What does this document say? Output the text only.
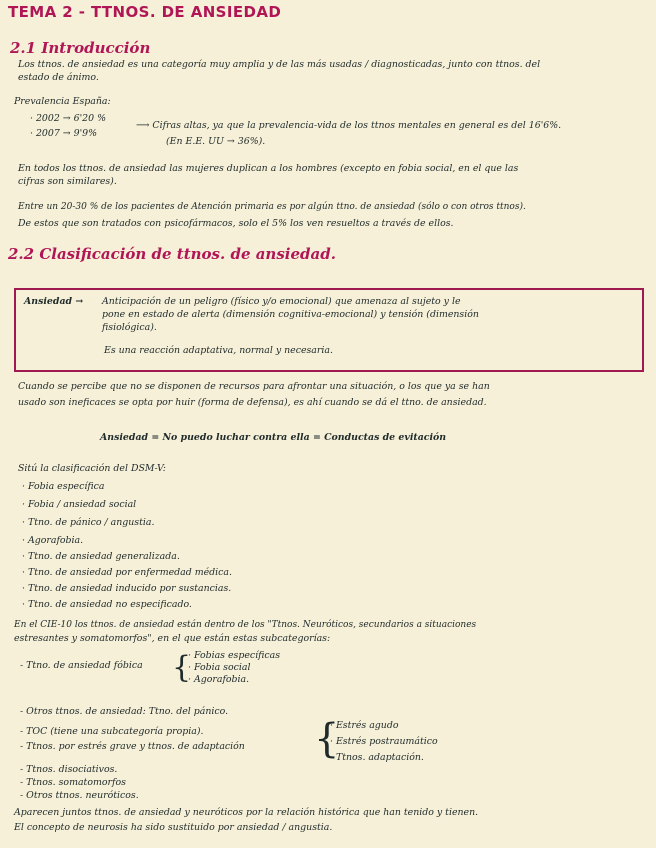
TEMA 2 - TTNOS. DE ANSIEDAD
2.1 Introducción
Los ttnos. de ansiedad es una categoría muy amplia y de las más usadas / diagnosticadas, junto con ttnos. del
estado de ánimo.
Prevalencia España:
· 2002 → 6'20 %
· 2007 → 9'9%
⟶ Cifras altas, ya que la prevalencia-vida de los ttnos mentales en general es del 16'6%.
(En E.E. UU → 36%).
En todos los ttnos. de ansiedad las mujeres duplican a los hombres (excepto en fobia social, en el que las
cifras son similares).
Entre un 20-30 % de los pacientes de Atención primaria es por algún ttno. de ansiedad (sólo o con otros ttnos).
De estos que son tratados con psicofármacos, solo el 5% los ven resueltos a través de ellos.
2.2 Clasificación de ttnos. de ansiedad.
Ansiedad → Anticipación de un peligro (físico y/o emocional) que amenaza al sujeto y le
pone en estado de alerta (dimensión cognitiva-emocional) y tensión (dimensión
fisiológica).
Es una reacción adaptativa, normal y necesaria.
Cuando se percibe que no se disponen de recursos para afrontar una situación, o los que ya se han
usado son ineficaces se opta por huir (forma de defensa), es ahí cuando se dá el ttno. de ansiedad.
Ansiedad = No puedo luchar contra ella = Conductas de evitación
Sitú la clasificación del DSM-V:
· Fobia específica
· Fobia / ansiedad social
· Ttno. de pánico / angustia.
· Agorafobia.
· Ttno. de ansiedad generalizada.
· Ttno. de ansiedad por enfermedad médica.
· Ttno. de ansiedad inducido por sustancias.
· Ttno. de ansiedad no especificado.
En el CIE-10 los ttnos. de ansiedad están dentro de los "Ttnos. Neuróticos, secundarios a situaciones
estresantes y somatomorfos", en el que están estas subcategorías:
- Ttno. de ansiedad fóbica {
· Fobias específicas
· Fobia social
· Agorafobia.
- Otros ttnos. de ansiedad: Ttno. del pánico.
- TOC (tiene una subcategoría propia).
- Ttnos. por estrés grave y ttnos. de adaptación {
· Estrés agudo
· Estrés postraumático
· Ttnos. adaptación.
- Ttnos. disociativos.
- Ttnos. somatomorfos
- Otros ttnos. neuróticos.
Aparecen juntos ttnos. de ansiedad y neuróticos por la relación histórica que han tenido y tienen.
El concepto de neurosis ha sido sustituido por ansiedad / angustia.
